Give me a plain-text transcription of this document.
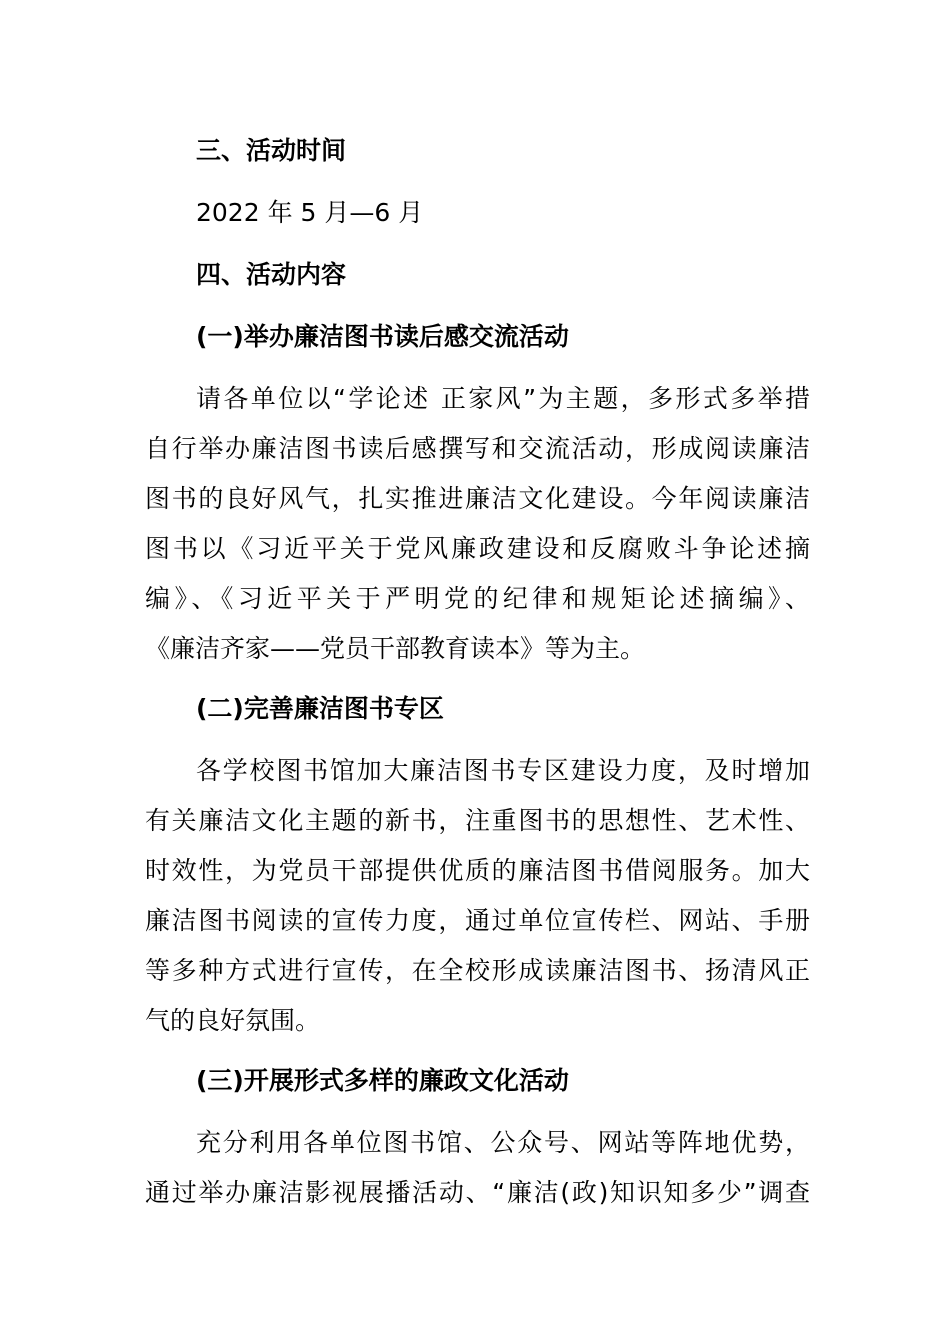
三、活动时间
2022 年 5 月—6 月
四、活动内容
(一)举办廉洁图书读后感交流活动
请各单位以“学论述 正家风”为主题，多形式多举措
自行举办廉洁图书读后感撰写和交流活动，形成阅读廉洁
图书的良好风气，扎实推进廉洁文化建设。今年阅读廉洁
图书以《习近平关于党风廉政建设和反腐败斗争论述摘
编》、《习近平关于严明党的纪律和规矩论述摘编》、
《廉洁齐家——党员干部教育读本》等为主。
(二)完善廉洁图书专区
各学校图书馆加大廉洁图书专区建设力度，及时增加
有关廉洁文化主题的新书，注重图书的思想性、艺术性、
时效性，为党员干部提供优质的廉洁图书借阅服务。加大
廉洁图书阅读的宣传力度，通过单位宣传栏、网站、手册
等多种方式进行宣传，在全校形成读廉洁图书、扬清风正
气的良好氛围。
(三)开展形式多样的廉政文化活动
充分利用各单位图书馆、公众号、网站等阵地优势，
通过举办廉洁影视展播活动、“廉洁(政)知识知多少”调查
